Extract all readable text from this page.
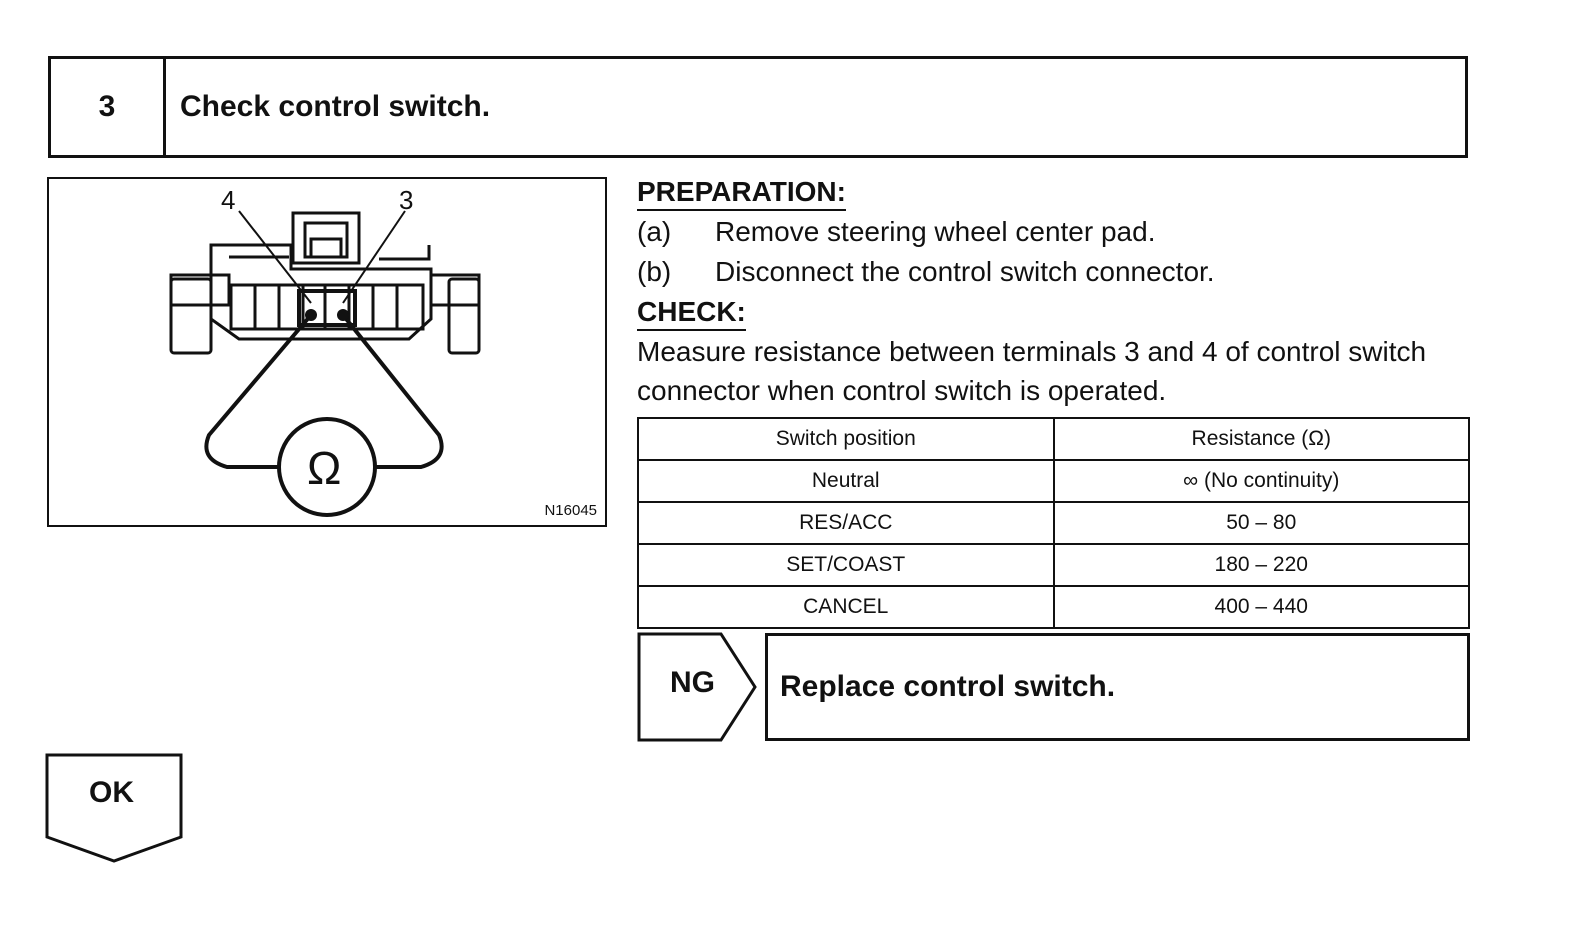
3	Check control switch.
4	3
Ω
N16045
PREPARATION:
(a)	Remove steering wheel center pad.
(b)	Disconnect the control switch connector.
CHECK:
Measure resistance between terminals 3 and 4 of control switch
connector when control switch is operated.
Switch position	Resistance (Ω)
Neutral	∞ (No continuity)
RES/ACC	50 – 80
SET/COAST	180 – 220
CANCEL	400 – 440
NG	Replace control switch.
OK
